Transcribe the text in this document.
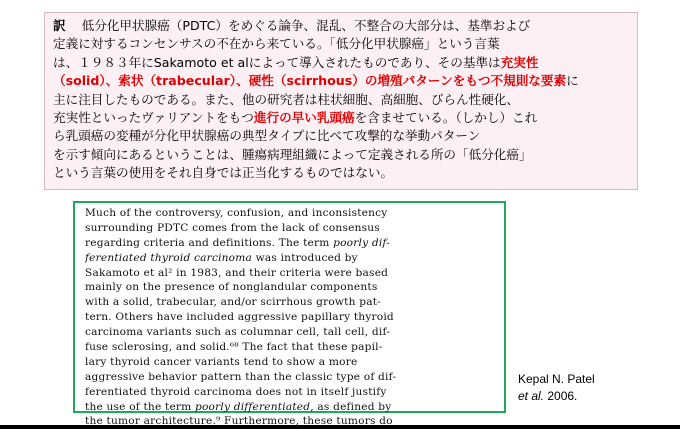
訳 低分化甲状腺癌（PDTC）をめぐる論争、混乱、不整合の大部分は、基準および
定義に対するコンセンサスの不在から来ている。「低分化甲状腺癌」という言葉
は、１９８３年にSakamoto et alによって導入されたものであり、その基準は充実性
（solid）、索状（trabecular）、硬性（scirrhous）の増殖パターンをもつ不規則な要素に
主に注目したものである。また、他の研究者は柱状細胞、高細胞、びらん性硬化、
充実性といったヴァリアントをもつ進行の早い乳頭癌を含ませている。（しかし）これ
ら乳頭癌の変種が分化甲状腺癌の典型タイプに比べて攻撃的な挙動パターン
を示す傾向にあるということは、腫瘍病理組織によって定義される所の「低分化癌」
という言葉の使用をそれ自身では正当化するものではない。
Much of the controversy, confusion, and inconsistency
surrounding PDTC comes from the lack of consensus
regarding criteria and definitions. The term poorly dif-
ferentiated thyroid carcinoma was introduced by
Sakamoto et al² in 1983, and their criteria were based
mainly on the presence of nonglandular components
with a solid, trabecular, and/or scirrhous growth pat-
tern. Others have included aggressive papillary thyroid
carcinoma variants such as columnar cell, tall cell, dif-
fuse sclerosing, and solid.⁶⁸ The fact that these papil-
lary thyroid cancer variants tend to show a more
aggressive behavior pattern than the classic type of dif-
ferentiated thyroid carcinoma does not in itself justify
the use of the term poorly differentiated, as defined by
the tumor architecture.⁹ Furthermore, these tumors do
Kepal N. Patel
et al. 2006.
